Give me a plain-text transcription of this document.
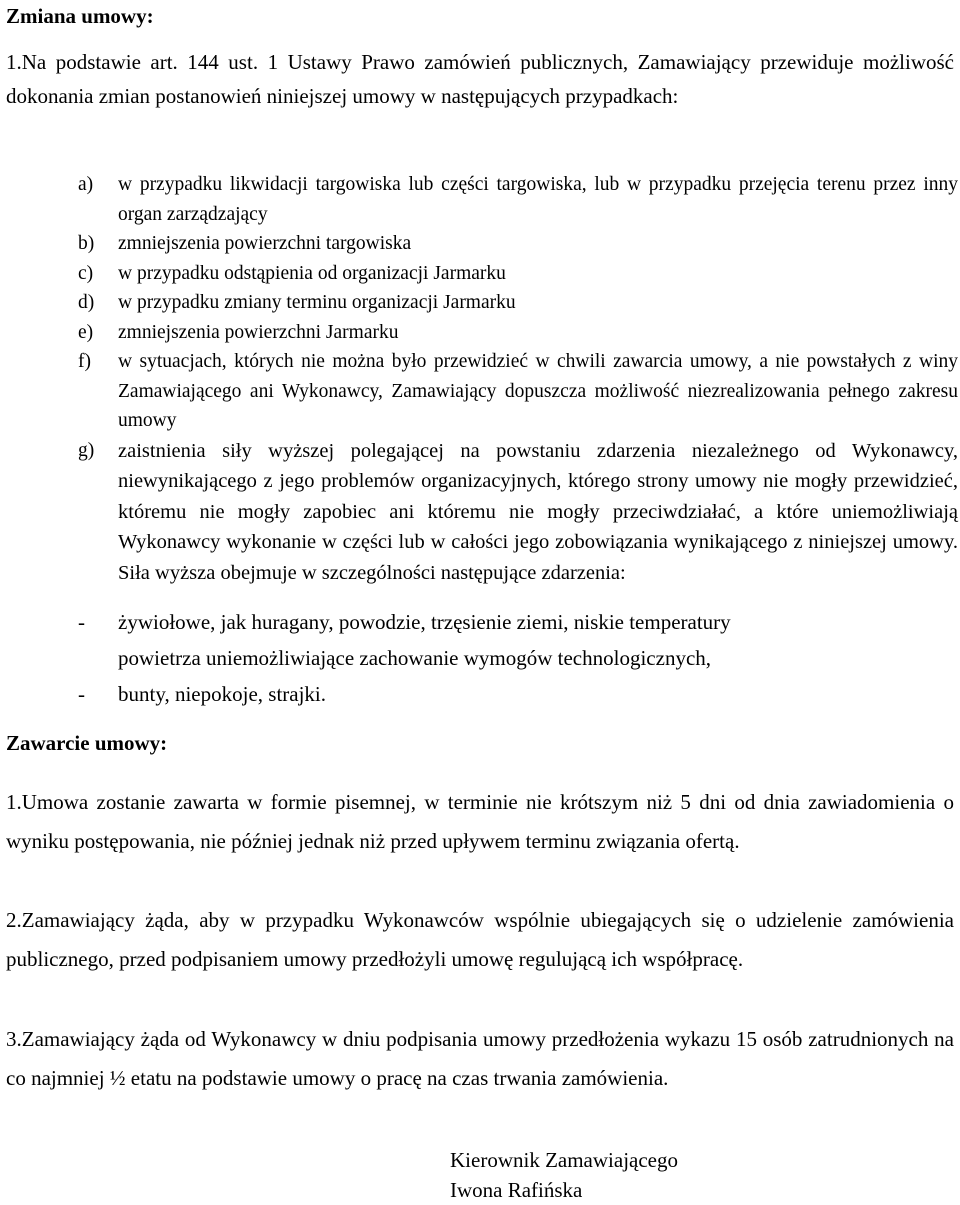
Zmiana umowy:
1.Na podstawie art. 144 ust. 1 Ustawy Prawo zamówień publicznych, Zamawiający przewiduje możliwość dokonania zmian postanowień niniejszej umowy w następujących przypadkach:
a)	w przypadku likwidacji targowiska lub części targowiska, lub w przypadku przejęcia terenu przez inny organ zarządzający
b)	zmniejszenia powierzchni targowiska
c)	w przypadku odstąpienia od organizacji Jarmarku
d)	w przypadku zmiany terminu organizacji Jarmarku
e)	zmniejszenia powierzchni Jarmarku
f)	w sytuacjach, których nie można było przewidzieć w chwili zawarcia umowy, a nie powstałych z winy Zamawiającego ani Wykonawcy, Zamawiający dopuszcza możliwość niezrealizowania pełnego zakresu umowy
g)	zaistnienia siły wyższej polegającej na powstaniu zdarzenia niezależnego od Wykonawcy, niewynikającego z jego problemów organizacyjnych, którego strony umowy nie mogły przewidzieć, któremu nie mogły zapobiec ani któremu nie mogły przeciwdziałać, a które uniemożliwiają Wykonawcy wykonanie w części lub w całości jego zobowiązania wynikającego z niniejszej umowy. Siła wyższa obejmuje w szczególności następujące zdarzenia:
-	żywiołowe, jak huragany, powodzie, trzęsienie ziemi, niskie temperatury
powietrza uniemożliwiające zachowanie wymogów technologicznych,
-	bunty, niepokoje, strajki.
Zawarcie umowy:
1.Umowa zostanie zawarta w formie pisemnej, w terminie nie krótszym niż 5 dni od dnia zawiadomienia o wyniku postępowania, nie później jednak niż przed upływem terminu związania ofertą.
2.Zamawiający żąda, aby w przypadku Wykonawców wspólnie ubiegających się o udzielenie zamówienia publicznego, przed podpisaniem umowy przedłożyli umowę regulującą ich współpracę.
3.Zamawiający żąda od Wykonawcy w dniu podpisania umowy przedłożenia wykazu 15 osób zatrudnionych na co najmniej ½ etatu na podstawie umowy o pracę na czas trwania zamówienia.
Kierownik Zamawiającego
Iwona Rafińska
